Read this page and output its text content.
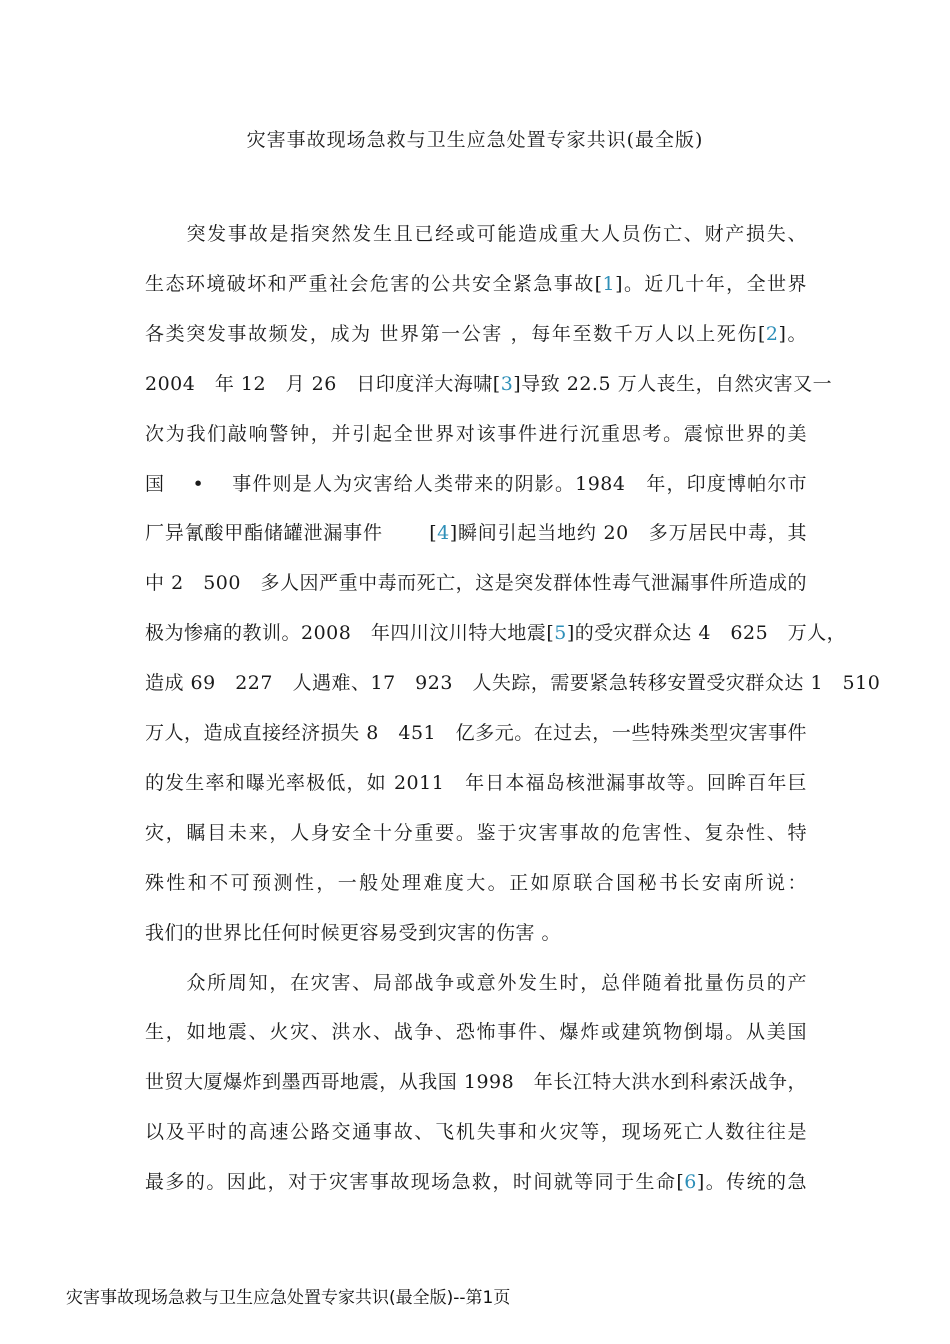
灾害事故现场急救与卫生应急处置专家共识(最全版)
　　突发事故是指突然发生且已经或可能造成重大人员伤亡、财产损失、
生态环境破坏和严重社会危害的公共安全紧急事故[1]。近几十年，全世界
各类突发事故频发，成为 世界第一公害 ，每年至数千万人以上死伤[2]。
2004　年 12　月 26　日印度洋大海啸[3]导致 22.5 万人丧生，自然灾害又一
次为我们敲响警钟，并引起全世界对该事件进行沉重思考。震惊世界的美
国　 •　 事件则是人为灾害给人类带来的阴影。1984　年，印度博帕尔市
厂异氰酸甲酯储罐泄漏事件　　 [4]瞬间引起当地约 20　多万居民中毒，其
中 2　500　多人因严重中毒而死亡，这是突发群体性毒气泄漏事件所造成的
极为惨痛的教训。2008　年四川汶川特大地震[5]的受灾群众达 4　625　万人，
造成 69　227　人遇难、17　923　人失踪，需要紧急转移安置受灾群众达 1　510
万人，造成直接经济损失 8　451　亿多元。在过去，一些特殊类型灾害事件
的发生率和曝光率极低，如 2011　年日本福岛核泄漏事故等。回眸百年巨
灾，瞩目未来，人身安全十分重要。鉴于灾害事故的危害性、复杂性、特
殊性和不可预测性，一般处理难度大。正如原联合国秘书长安南所说：
我们的世界比任何时候更容易受到灾害的伤害 。
　　众所周知，在灾害、局部战争或意外发生时，总伴随着批量伤员的产
生，如地震、火灾、洪水、战争、恐怖事件、爆炸或建筑物倒塌。从美国
世贸大厦爆炸到墨西哥地震，从我国 1998　年长江特大洪水到科索沃战争，
以及平时的高速公路交通事故、飞机失事和火灾等，现场死亡人数往往是
最多的。因此，对于灾害事故现场急救，时间就等同于生命[6]。传统的急
灾害事故现场急救与卫生应急处置专家共识(最全版)--第1页
